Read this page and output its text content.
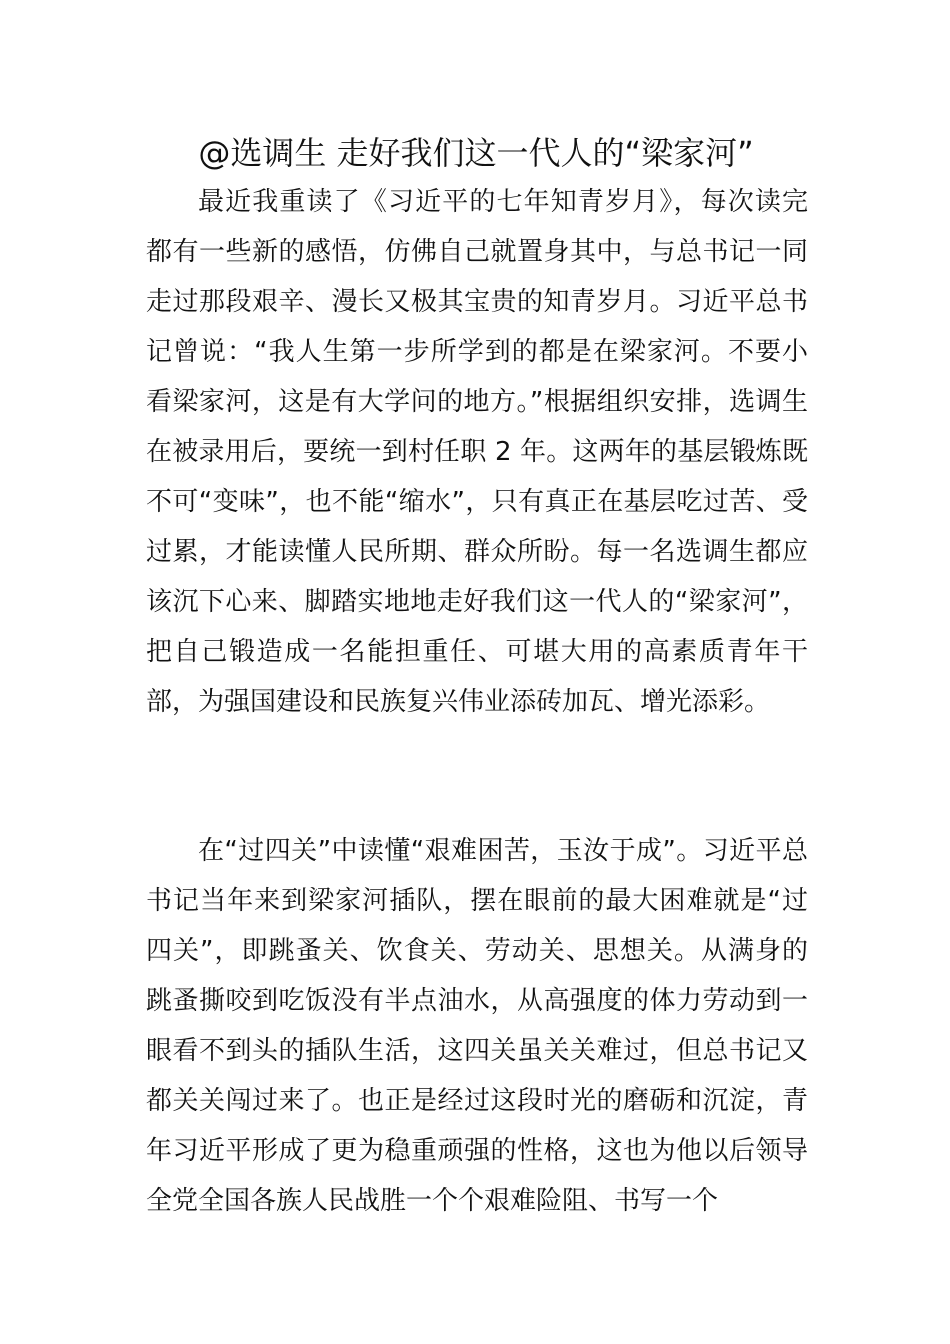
@选调生 走好我们这一代人的“梁家河”

最近我重读了《习近平的七年知青岁月》，每次读完都有一些新的感悟，仿佛自己就置身其中，与总书记一同走过那段艰辛、漫长又极其宝贵的知青岁月。习近平总书记曾说：“我人生第一步所学到的都是在梁家河。不要小看梁家河，这是有大学问的地方。”根据组织安排，选调生在被录用后，要统一到村任职 2 年。这两年的基层锻炼既不可“变味”，也不能“缩水”，只有真正在基层吃过苦、受过累，才能读懂人民所期、群众所盼。每一名选调生都应该沉下心来、脚踏实地地走好我们这一代人的“梁家河”，把自己锻造成一名能担重任、可堪大用的高素质青年干部，为强国建设和民族复兴伟业添砖加瓦、增光添彩。

在“过四关”中读懂“艰难困苦，玉汝于成”。习近平总书记当年来到梁家河插队，摆在眼前的最大困难就是“过四关”，即跳蚤关、饮食关、劳动关、思想关。从满身的跳蚤撕咬到吃饭没有半点油水，从高强度的体力劳动到一眼看不到头的插队生活，这四关虽关关难过，但总书记又都关关闯过来了。也正是经过这段时光的磨砺和沉淀，青年习近平形成了更为稳重顽强的性格，这也为他以后领导全党全国各族人民战胜一个个艰难险阻、书写一个
